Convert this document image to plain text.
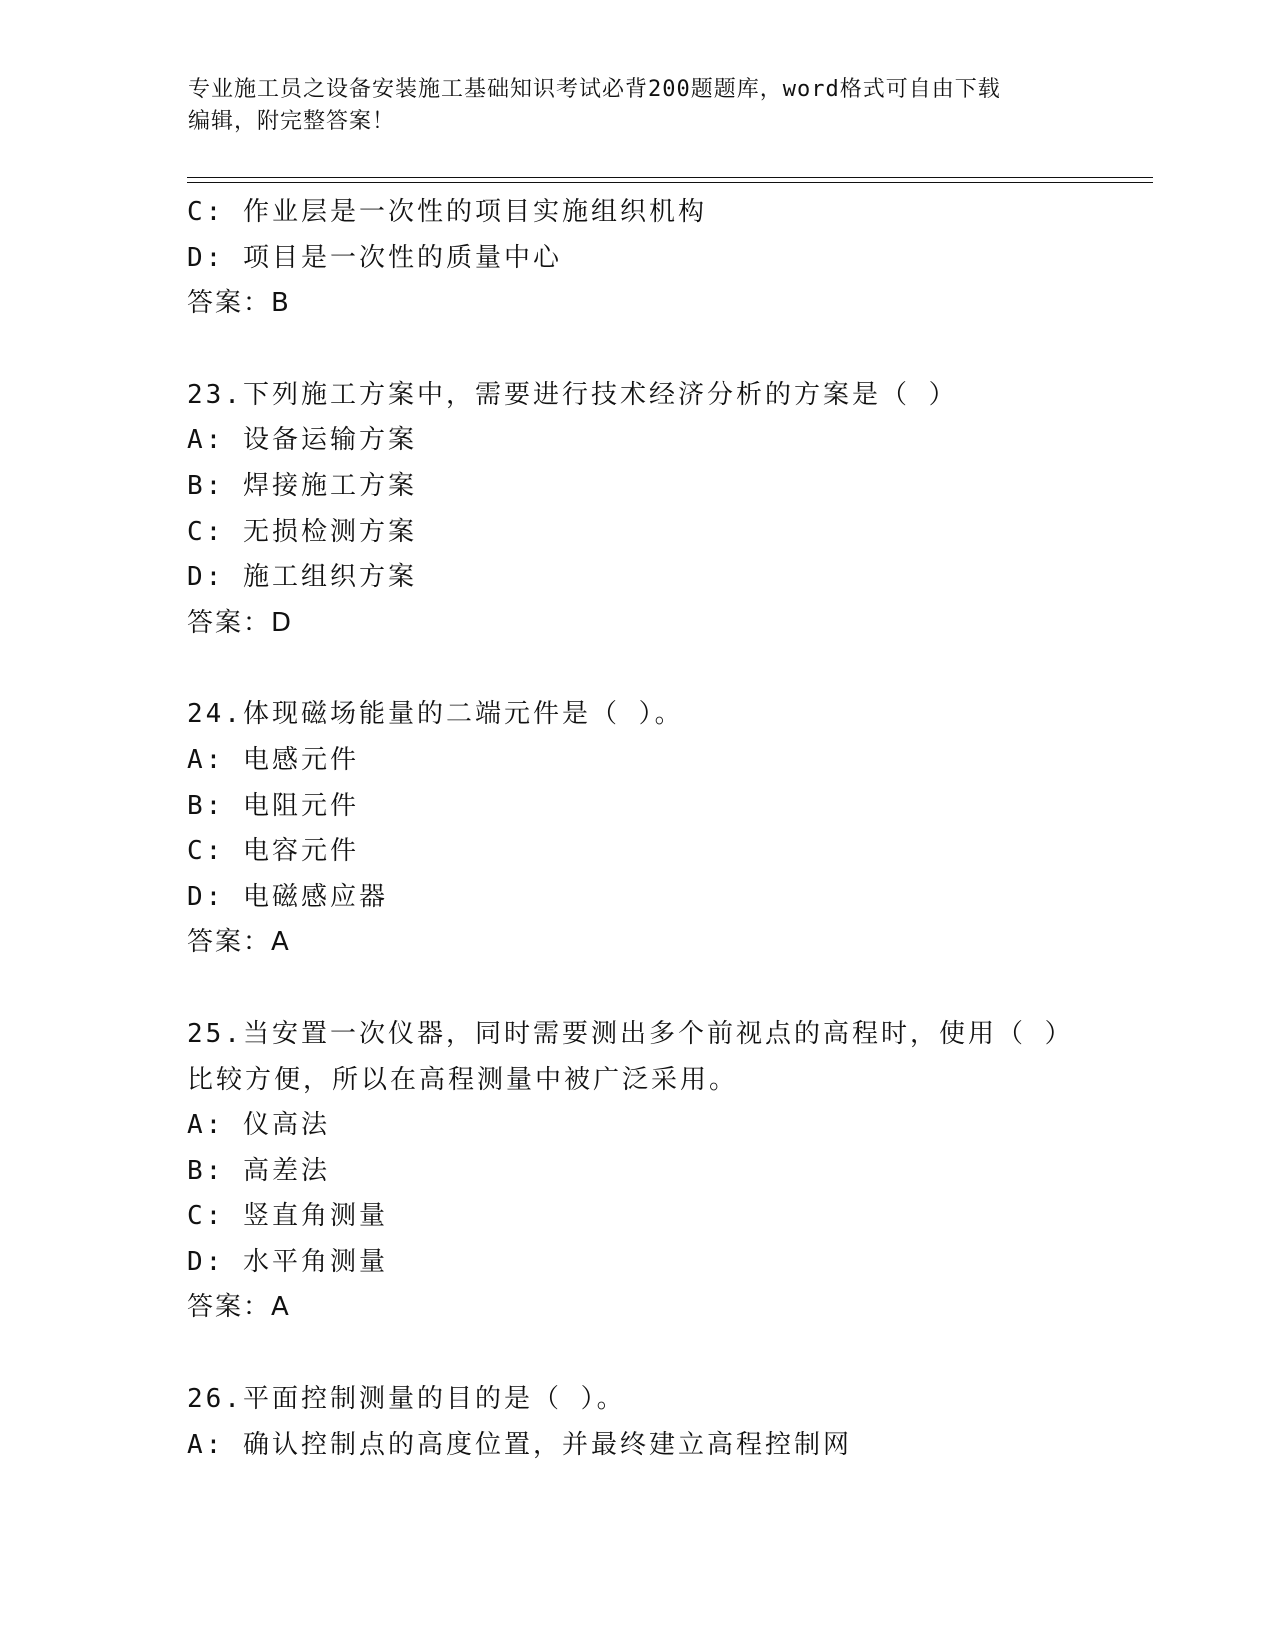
专业施工员之设备安装施工基础知识考试必背200题题库，word格式可自由下载
编辑，附完整答案！
C: 作业层是一次性的项目实施组织机构
D: 项目是一次性的质量中心
答案：B
23.下列施工方案中，需要进行技术经济分析的方案是（ ）
A: 设备运输方案
B: 焊接施工方案
C: 无损检测方案
D: 施工组织方案
答案：D
24.体现磁场能量的二端元件是（ ）。
A: 电感元件
B: 电阻元件
C: 电容元件
D: 电磁感应器
答案：A
25.当安置一次仪器，同时需要测出多个前视点的高程时，使用（ ）
比较方便，所以在高程测量中被广泛采用。
A: 仪高法
B: 高差法
C: 竖直角测量
D: 水平角测量
答案：A
26.平面控制测量的目的是（ ）。
A: 确认控制点的高度位置，并最终建立高程控制网
